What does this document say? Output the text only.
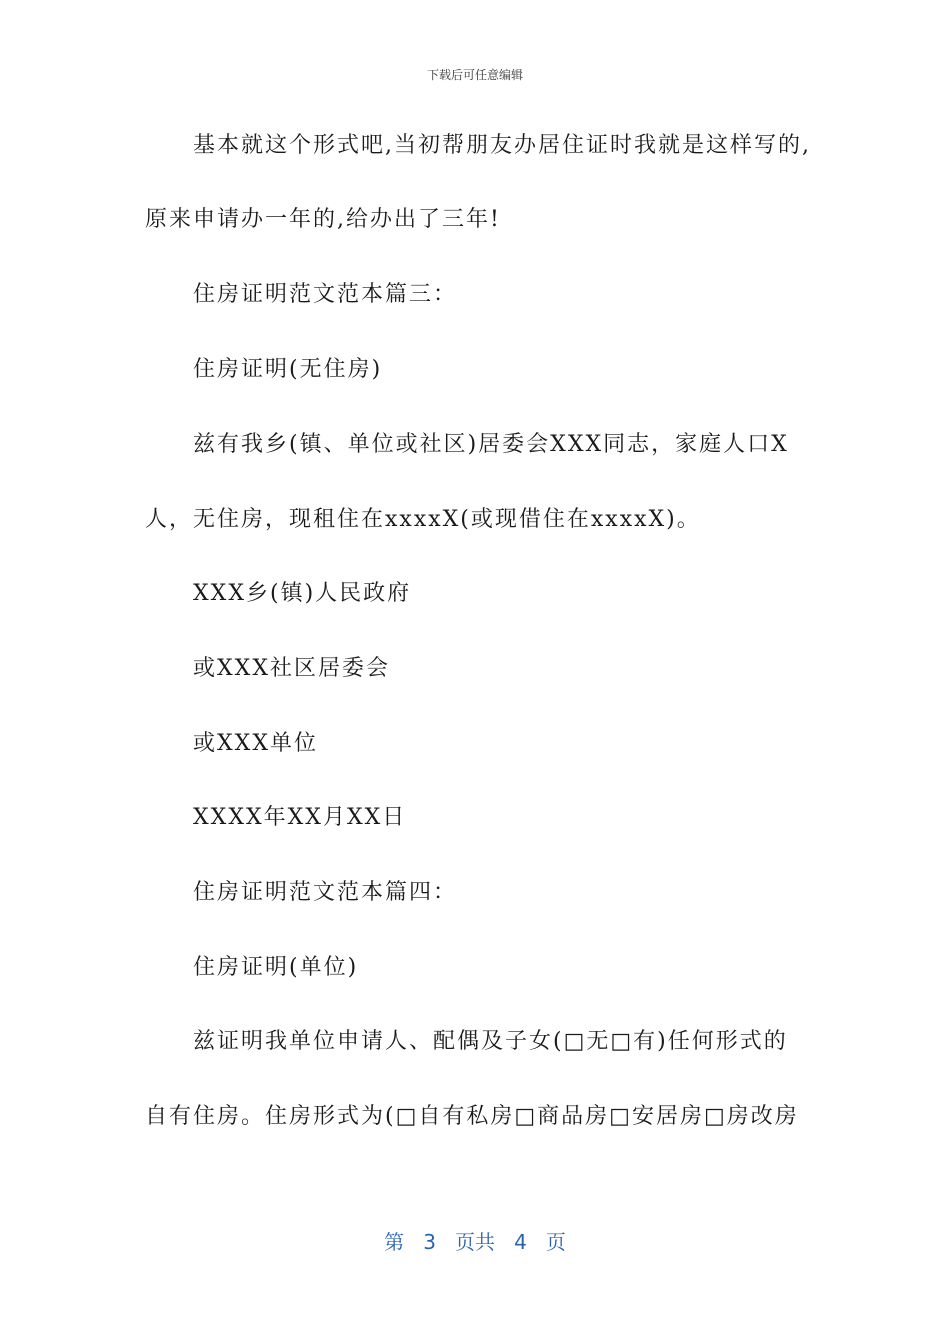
下载后可任意编辑
基本就这个形式吧,当初帮朋友办居住证时我就是这样写的,
原来申请办一年的,给办出了三年!
住房证明范文范本篇三：
住房证明(无住房)
兹有我乡(镇、单位或社区)居委会XXX同志，家庭人口X
人，无住房，现租住在xxxxX(或现借住在xxxxX)。
XXX乡(镇)人民政府
或XXX社区居委会
或XXX单位
XXXX年XX月XX日
住房证明范文范本篇四：
住房证明(单位)
兹证明我单位申请人、配偶及子女(□无□有)任何形式的
自有住房。住房形式为(□自有私房□商品房□安居房□房改房
第 3 页共 4 页
